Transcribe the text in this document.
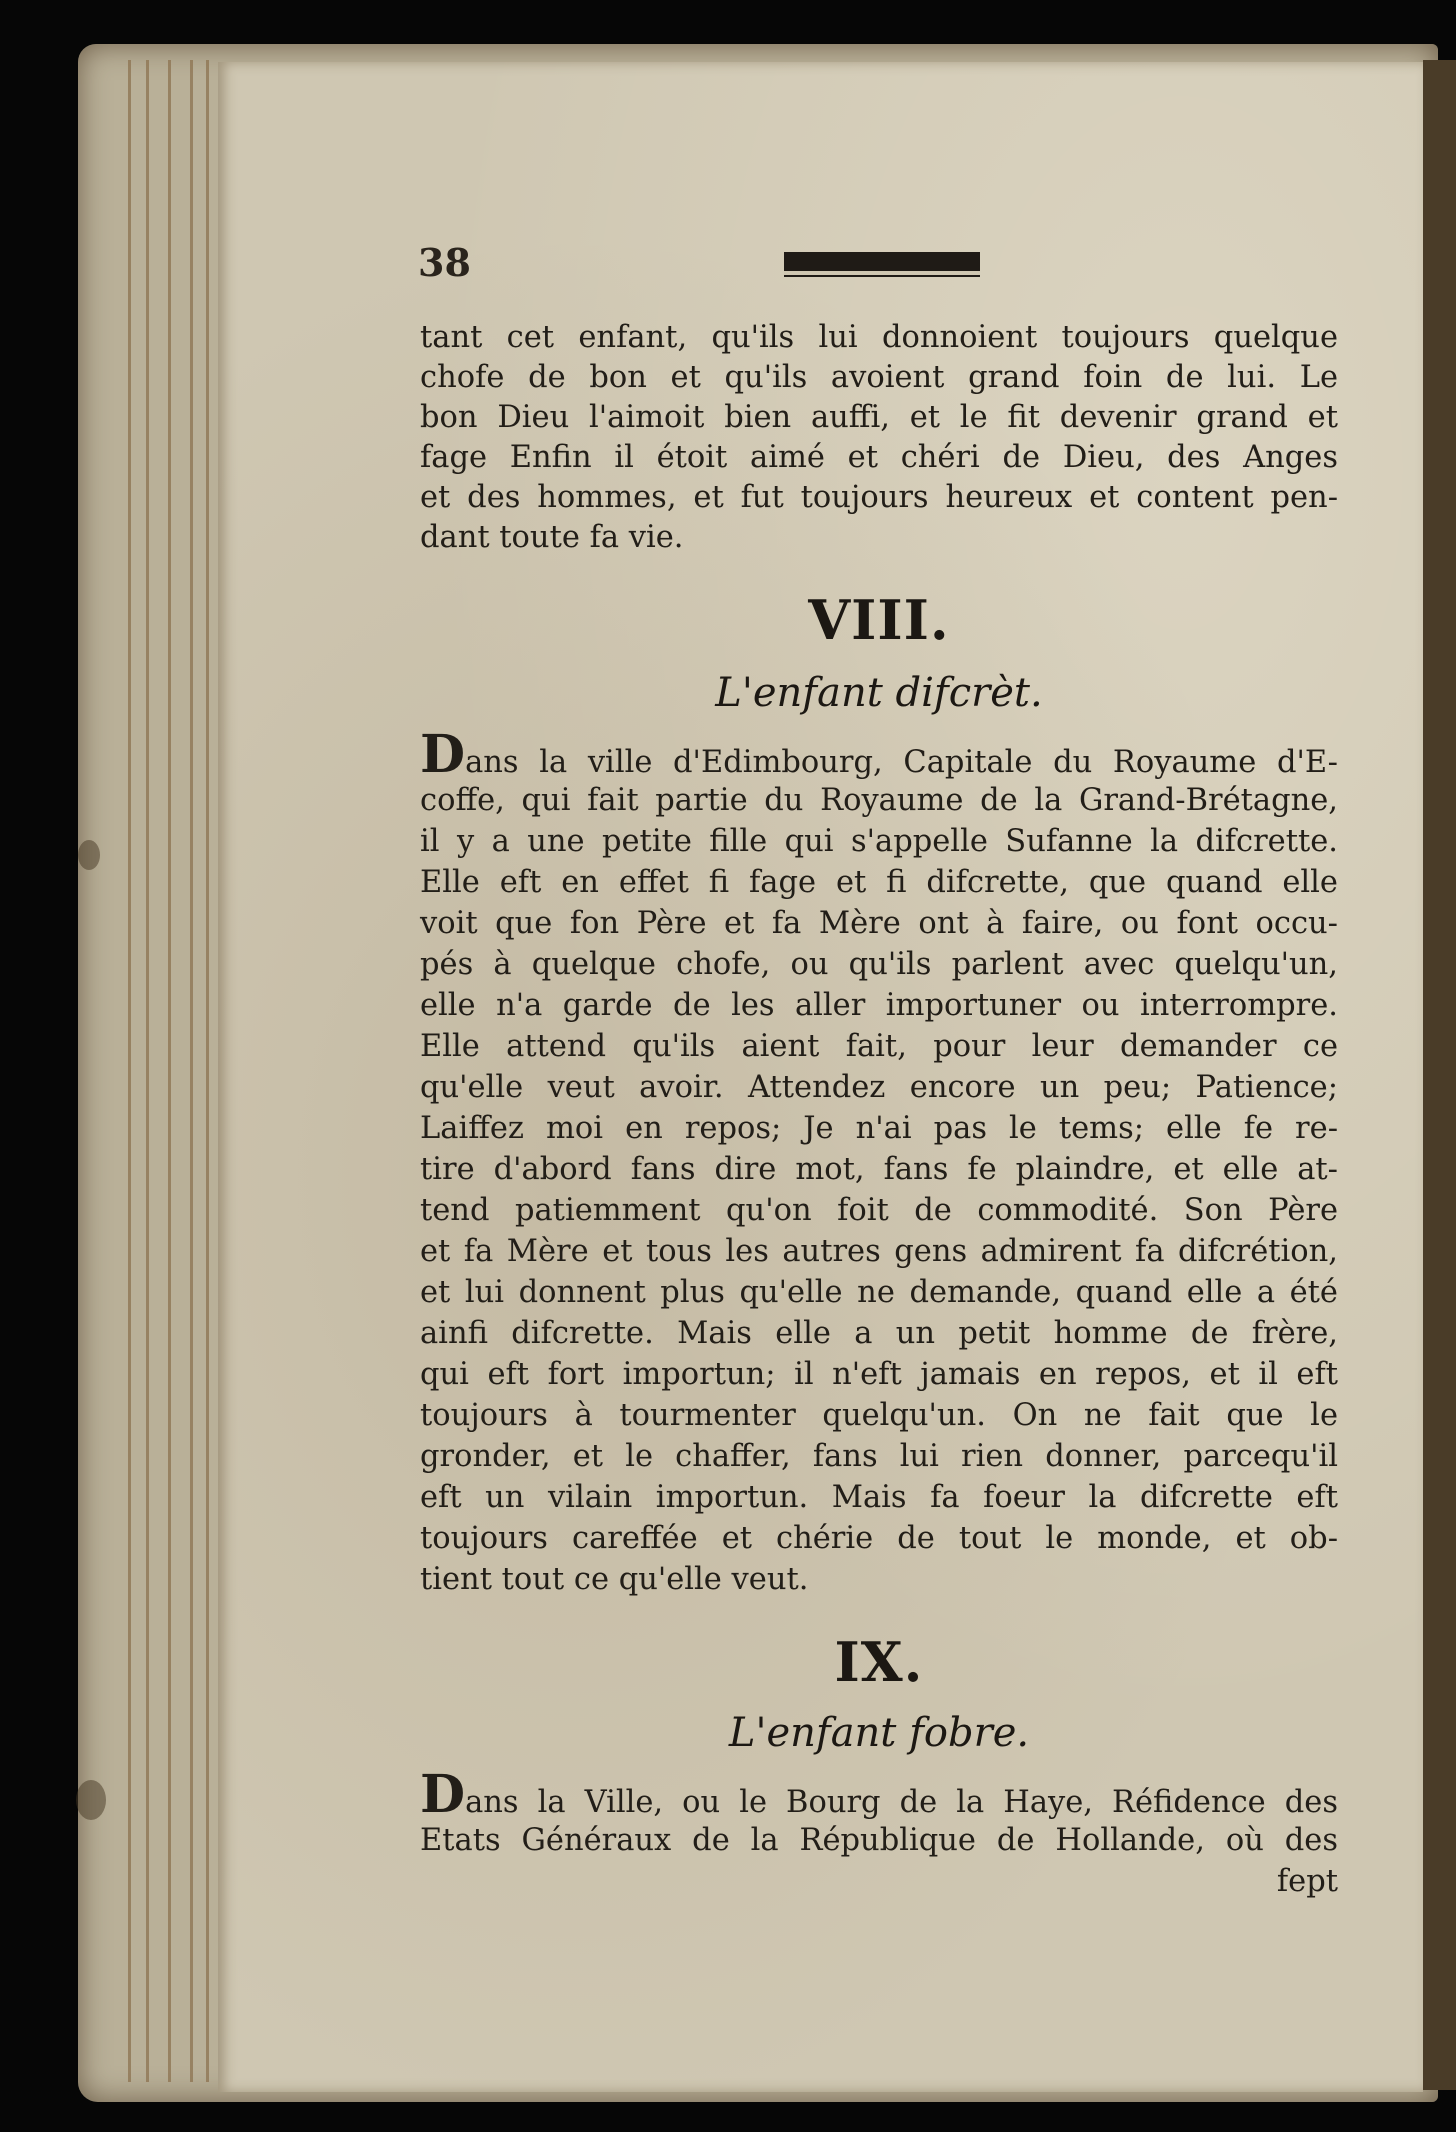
38
tant cet enfant, qu'ils lui donnoient toujours quelque
chofe de bon et qu'ils avoient grand foin de lui. Le
bon Dieu l'aimoit bien auffi, et le fit devenir grand et
fage Enfin il étoit aimé et chéri de Dieu, des Anges
et des hommes, et fut toujours heureux et content pen-
dant toute fa vie.
VIII.
L'enfant difcrèt.
Dans la ville d'Edimbourg, Capitale du Royaume d'E-
coffe, qui fait partie du Royaume de la Grand-Brétagne,
il y a une petite fille qui s'appelle Sufanne la difcrette.
Elle eft en effet fi fage et fi difcrette, que quand elle
voit que fon Père et fa Mère ont à faire, ou font occu-
pés à quelque chofe, ou qu'ils parlent avec quelqu'un,
elle n'a garde de les aller importuner ou interrompre.
Elle attend qu'ils aient fait, pour leur demander ce
qu'elle veut avoir. Attendez encore un peu; Patience;
Laiffez moi en repos; Je n'ai pas le tems; elle fe re-
tire d'abord fans dire mot, fans fe plaindre, et elle at-
tend patiemment qu'on foit de commodité. Son Père
et fa Mère et tous les autres gens admirent fa difcrétion,
et lui donnent plus qu'elle ne demande, quand elle a été
ainfi difcrette. Mais elle a un petit homme de frère,
qui eft fort importun; il n'eft jamais en repos, et il eft
toujours à tourmenter quelqu'un. On ne fait que le
gronder, et le chaffer, fans lui rien donner, parcequ'il
eft un vilain importun. Mais fa foeur la difcrette eft
toujours careffée et chérie de tout le monde, et ob-
tient tout ce qu'elle veut.
IX.
L'enfant fobre.
Dans la Ville, ou le Bourg de la Haye, Réfidence des
Etats Généraux de la République de Hollande, où des
fept
